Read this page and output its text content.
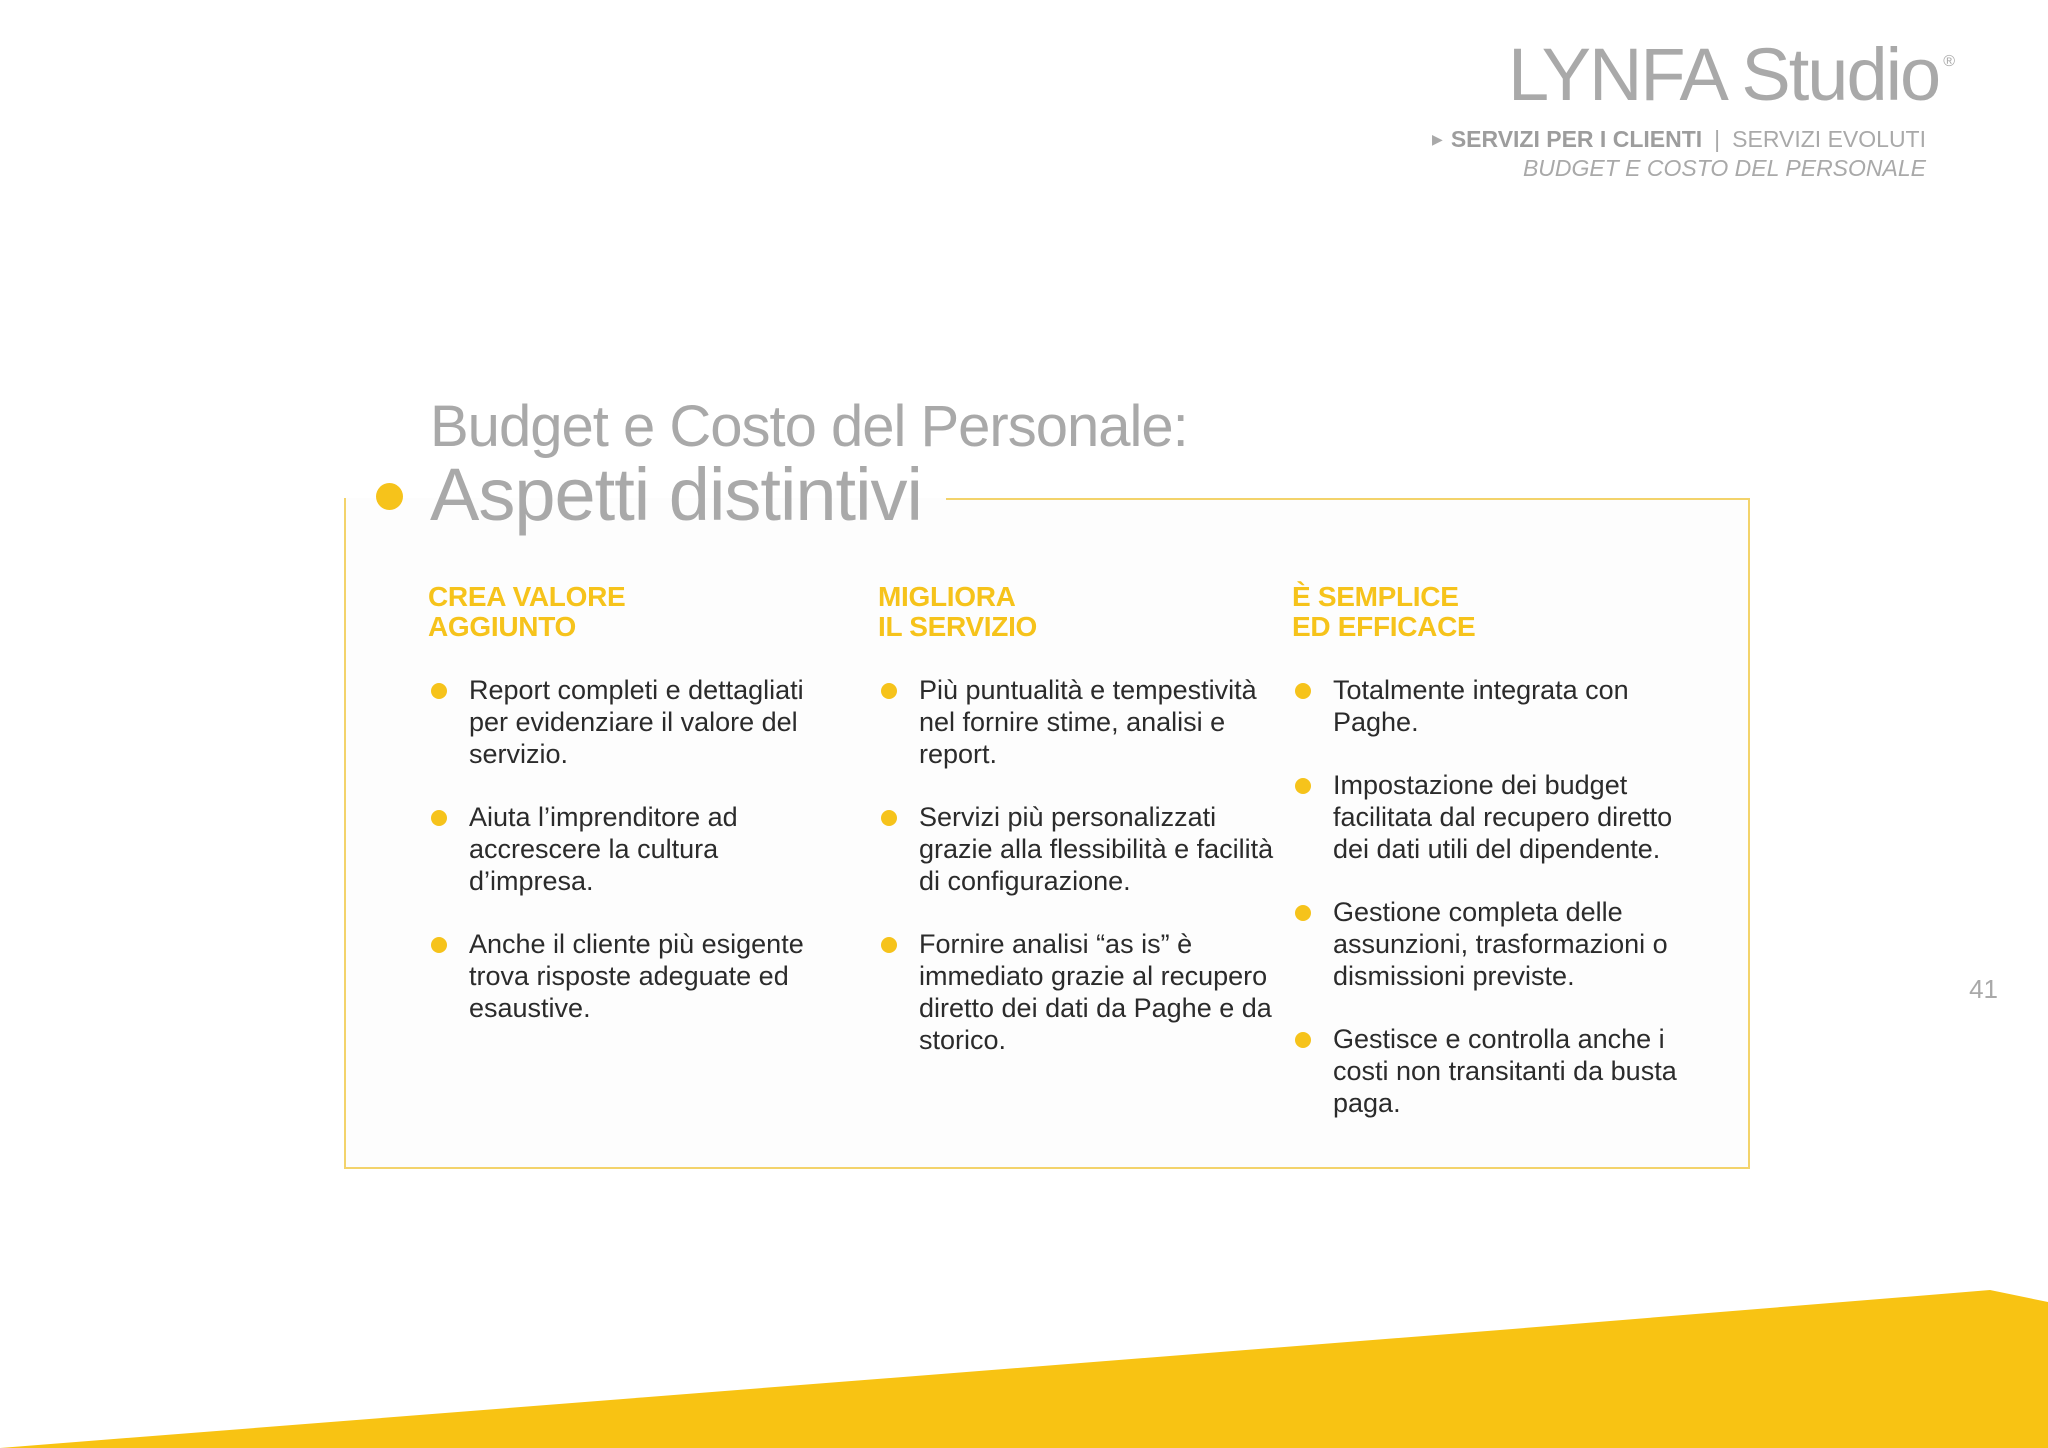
LYNFA Studio ®
▶ SERVIZI PER I CLIENTI | SERVIZI EVOLUTI
BUDGET E COSTO DEL PERSONALE
Budget e Costo del Personale:
Aspetti distintivi
CREA VALORE
AGGIUNTO
Report completi e dettagliati per evidenziare il valore del servizio.
Aiuta l’imprenditore ad accrescere la cultura d’impresa.
Anche il cliente più esigente trova risposte adeguate ed esaustive.
MIGLIORA
IL SERVIZIO
Più puntualità e tempestività nel fornire stime, analisi e report.
Servizi più personalizzati grazie alla flessibilità e facilità di configurazione.
Fornire analisi “as is” è immediato grazie al recupero diretto dei dati da Paghe e da storico.
È SEMPLICE
ED EFFICACE
Totalmente integrata con Paghe.
Impostazione dei budget facilitata dal recupero diretto dei dati utili del dipendente.
Gestione completa delle assunzioni, trasformazioni o dismissioni previste.
Gestisce e controlla anche i costi non transitanti da busta paga.
41
